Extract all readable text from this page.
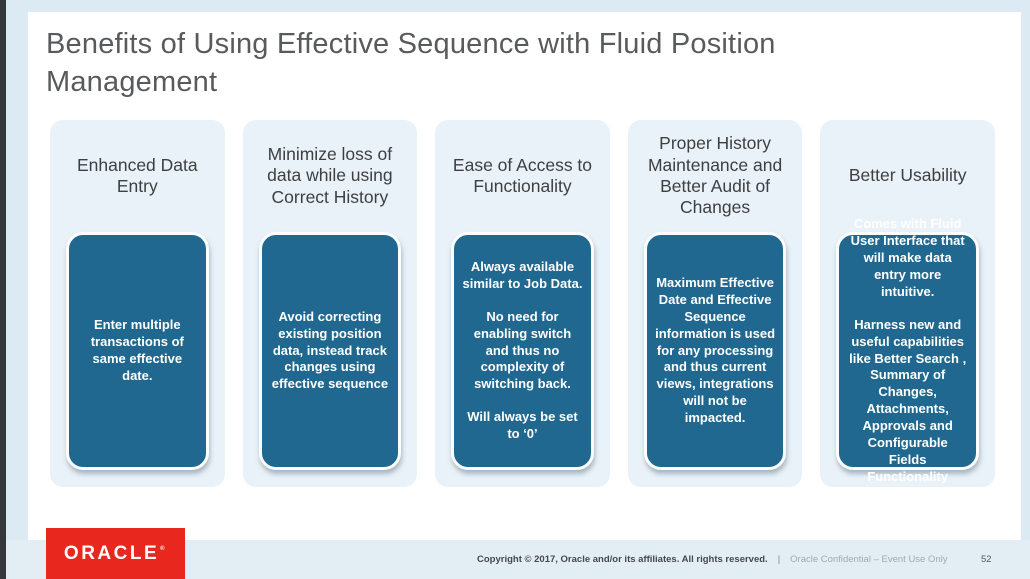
Benefits of Using Effective Sequence with Fluid Position Management
Enhanced Data Entry

Enter multiple transactions of same effective date.

Minimize loss of data while using Correct History

Avoid correcting existing position data, instead track changes using effective sequence

Ease of Access to Functionality

Always available similar to Job Data.

No need for enabling switch and thus no complexity of switching back.

Will always be set to ‘0’

Proper History Maintenance and Better Audit of Changes

Maximum Effective Date and Effective Sequence information is used for any processing and thus current views, integrations will not be impacted.

Better Usability

Comes with Fluid User Interface that will make data entry more intuitive.

Harness new and useful capabilities like Better Search , Summary of Changes, Attachments, Approvals and Configurable Fields Functionality

Copyright © 2017, Oracle and/or its affiliates. All rights reserved. | Oracle Confidential – Event Use Only	52
ORACLE®
